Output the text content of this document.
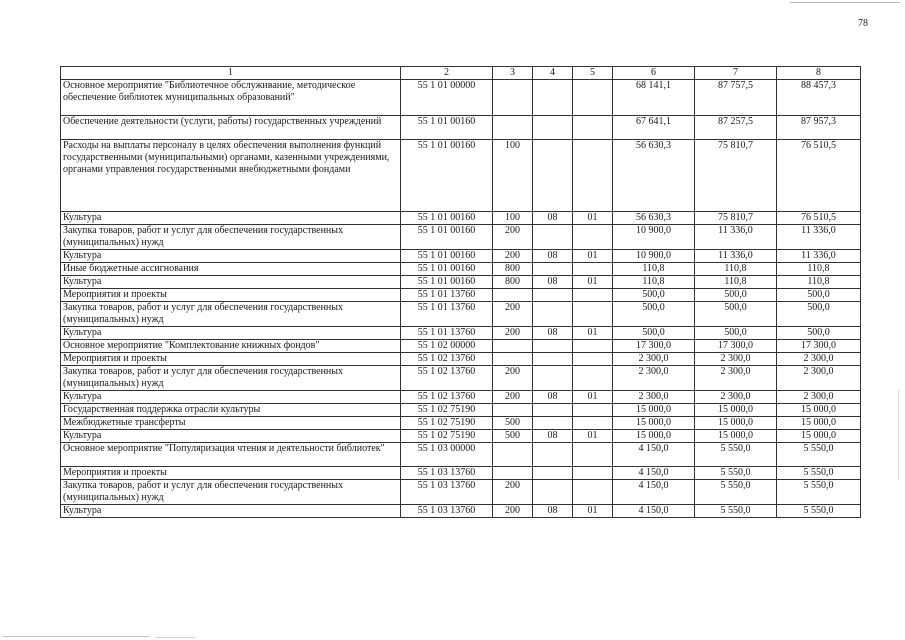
78
1	2	3	4	5	6	7	8
Основное мероприятие "Библиотечное обслуживание, методическое обеспечение библиотек муниципальных образований"	55 1 01 00000				68 141,1	87 757,5	88 457,3
Обеспечение деятельности (услуги, работы) государственных учреждений	55 1 01 00160				67 641,1	87 257,5	87 957,3
Расходы на выплаты персоналу в целях обеспечения выполнения функций государственными (муниципальными) органами, казенными учреждениями, органами управления государственными внебюджетными фондами	55 1 01 00160	100			56 630,3	75 810,7	76 510,5
Культура	55 1 01 00160	100	08	01	56 630,3	75 810,7	76 510,5
Закупка товаров, работ и услуг для обеспечения государственных (муниципальных) нужд	55 1 01 00160	200			10 900,0	11 336,0	11 336,0
Культура	55 1 01 00160	200	08	01	10 900,0	11 336,0	11 336,0
Иные бюджетные ассигнования	55 1 01 00160	800			110,8	110,8	110,8
Культура	55 1 01 00160	800	08	01	110,8	110,8	110,8
Мероприятия и проекты	55 1 01 13760				500,0	500,0	500,0
Закупка товаров, работ и услуг для обеспечения государственных (муниципальных) нужд	55 1 01 13760	200			500,0	500,0	500,0
Культура	55 1 01 13760	200	08	01	500,0	500,0	500,0
Основное мероприятие "Комплектование книжных фондов"	55 1 02 00000				17 300,0	17 300,0	17 300,0
Мероприятия и проекты	55 1 02 13760				2 300,0	2 300,0	2 300,0
Закупка товаров, работ и услуг для обеспечения государственных (муниципальных) нужд	55 1 02 13760	200			2 300,0	2 300,0	2 300,0
Культура	55 1 02 13760	200	08	01	2 300,0	2 300,0	2 300,0
Государственная поддержка отрасли культуры	55 1 02 75190				15 000,0	15 000,0	15 000,0
Межбюджетные трансферты	55 1 02 75190	500			15 000,0	15 000,0	15 000,0
Культура	55 1 02 75190	500	08	01	15 000,0	15 000,0	15 000,0
Основное мероприятие "Популяризация чтения и деятельности библиотек"	55 1 03 00000				4 150,0	5 550,0	5 550,0
Мероприятия и проекты	55 1 03 13760				4 150,0	5 550,0	5 550,0
Закупка товаров, работ и услуг для обеспечения государственных (муниципальных) нужд	55 1 03 13760	200			4 150,0	5 550,0	5 550,0
Культура	55 1 03 13760	200	08	01	4 150,0	5 550,0	5 550,0
